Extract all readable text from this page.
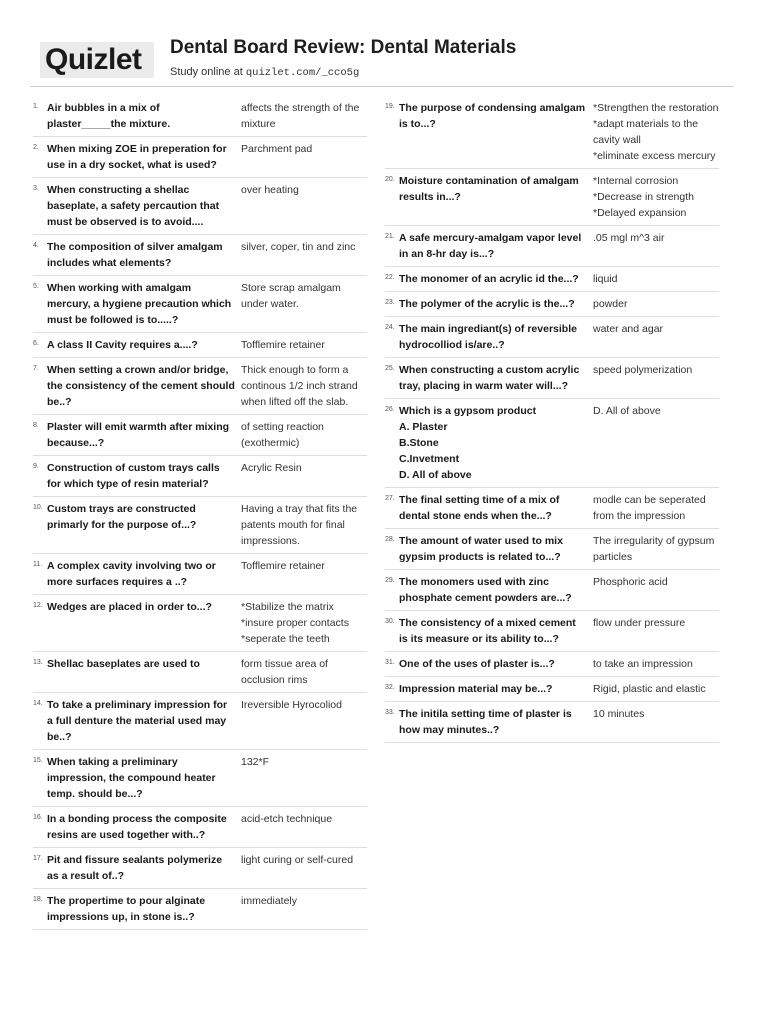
Quizlet Dental Board Review: Dental Materials
Study online at quizlet.com/_cco5g
1. Air bubbles in a mix of plaster_____the mixture.
affects the strength of the mixture
2. When mixing ZOE in preperation for use in a dry socket, what is used?
Parchment pad
3. When constructing a shellac baseplate, a safety percaution that must be observed is to avoid....
over heating
4. The composition of silver amalgam includes what elements?
silver, coper, tin and zinc
5. When working with amalgam mercury, a hygiene precaution which must be followed is to.....?
Store scrap amalgam under water.
6. A class II Cavity requires a....?	Tofflemire retainer
7. When setting a crown and/or bridge, the consistency of the cement should be..?
Thick enough to form a continous 1/2 inch strand when lifted off the slab.
8. Plaster will emit warmth after mixing because...?
of setting reaction (exothermic)
9. Construction of custom trays calls for which type of resin material?
Acrylic Resin
10. Custom trays are constructed primarly for the purpose of...?
Having a tray that fits the patents mouth for final impressions.
11. A complex cavity involving two or more surfaces requires a ..?
Tofflemire retainer
12. Wedges are placed in order to...?	*Stabilize the matrix
*insure proper contacts
*seperate the teeth
13. Shellac baseplates are used to	form tissue area of occlusion rims
14. To take a preliminary impression for a full denture the material used may be..?
Ireversible Hyrocoliod
15. When taking a preliminary impression, the compound heater temp. should be...?
132*F
16. In a bonding process the composite resins are used together with..?
acid-etch technique
17. Pit and fissure sealants polymerize as a result of..?
light curing or self-cured
18. The propertime to pour alginate impressions up, in stone is..?
immediately
19. The purpose of condensing amalgam is to...?
*Strengthen the restoration
*adapt materials to the cavity wall
*eliminate excess mercury
20. Moisture contamination of amalgam results in...?
*Internal corrosion
*Decrease in strength
*Delayed expansion
21. A safe mercury-amalgam vapor level in an 8-hr day is...?
.05 mgl m^3 air
22. The monomer of an acrylic id the...?	liquid
23. The polymer of the acrylic is the...?	powder
24. The main ingrediant(s) of reversible hydrocolliod is/are..?
water and agar
25. When constructing a custom acrylic tray, placing in warm water will...?
speed polymerization
26. Which is a gypsom product
A. Plaster
B.Stone
C.Invetment
D. All of above
D. All of above
27. The final setting time of a mix of dental stone ends when the...?
modle can be seperated from the impression
28. The amount of water used to mix gypsim products is related to...?
The irregularity of gypsum particles
29. The monomers used with zinc phosphate cement powders are...?
Phosphoric acid
30. The consistency of a mixed cement is its measure or its ability to...?
flow under pressure
31. One of the uses of plaster is...?	to take an impression
32. Impression material may be...?	Rigid, plastic and elastic
33. The initila setting time of plaster is how may minutes..?
10 minutes
